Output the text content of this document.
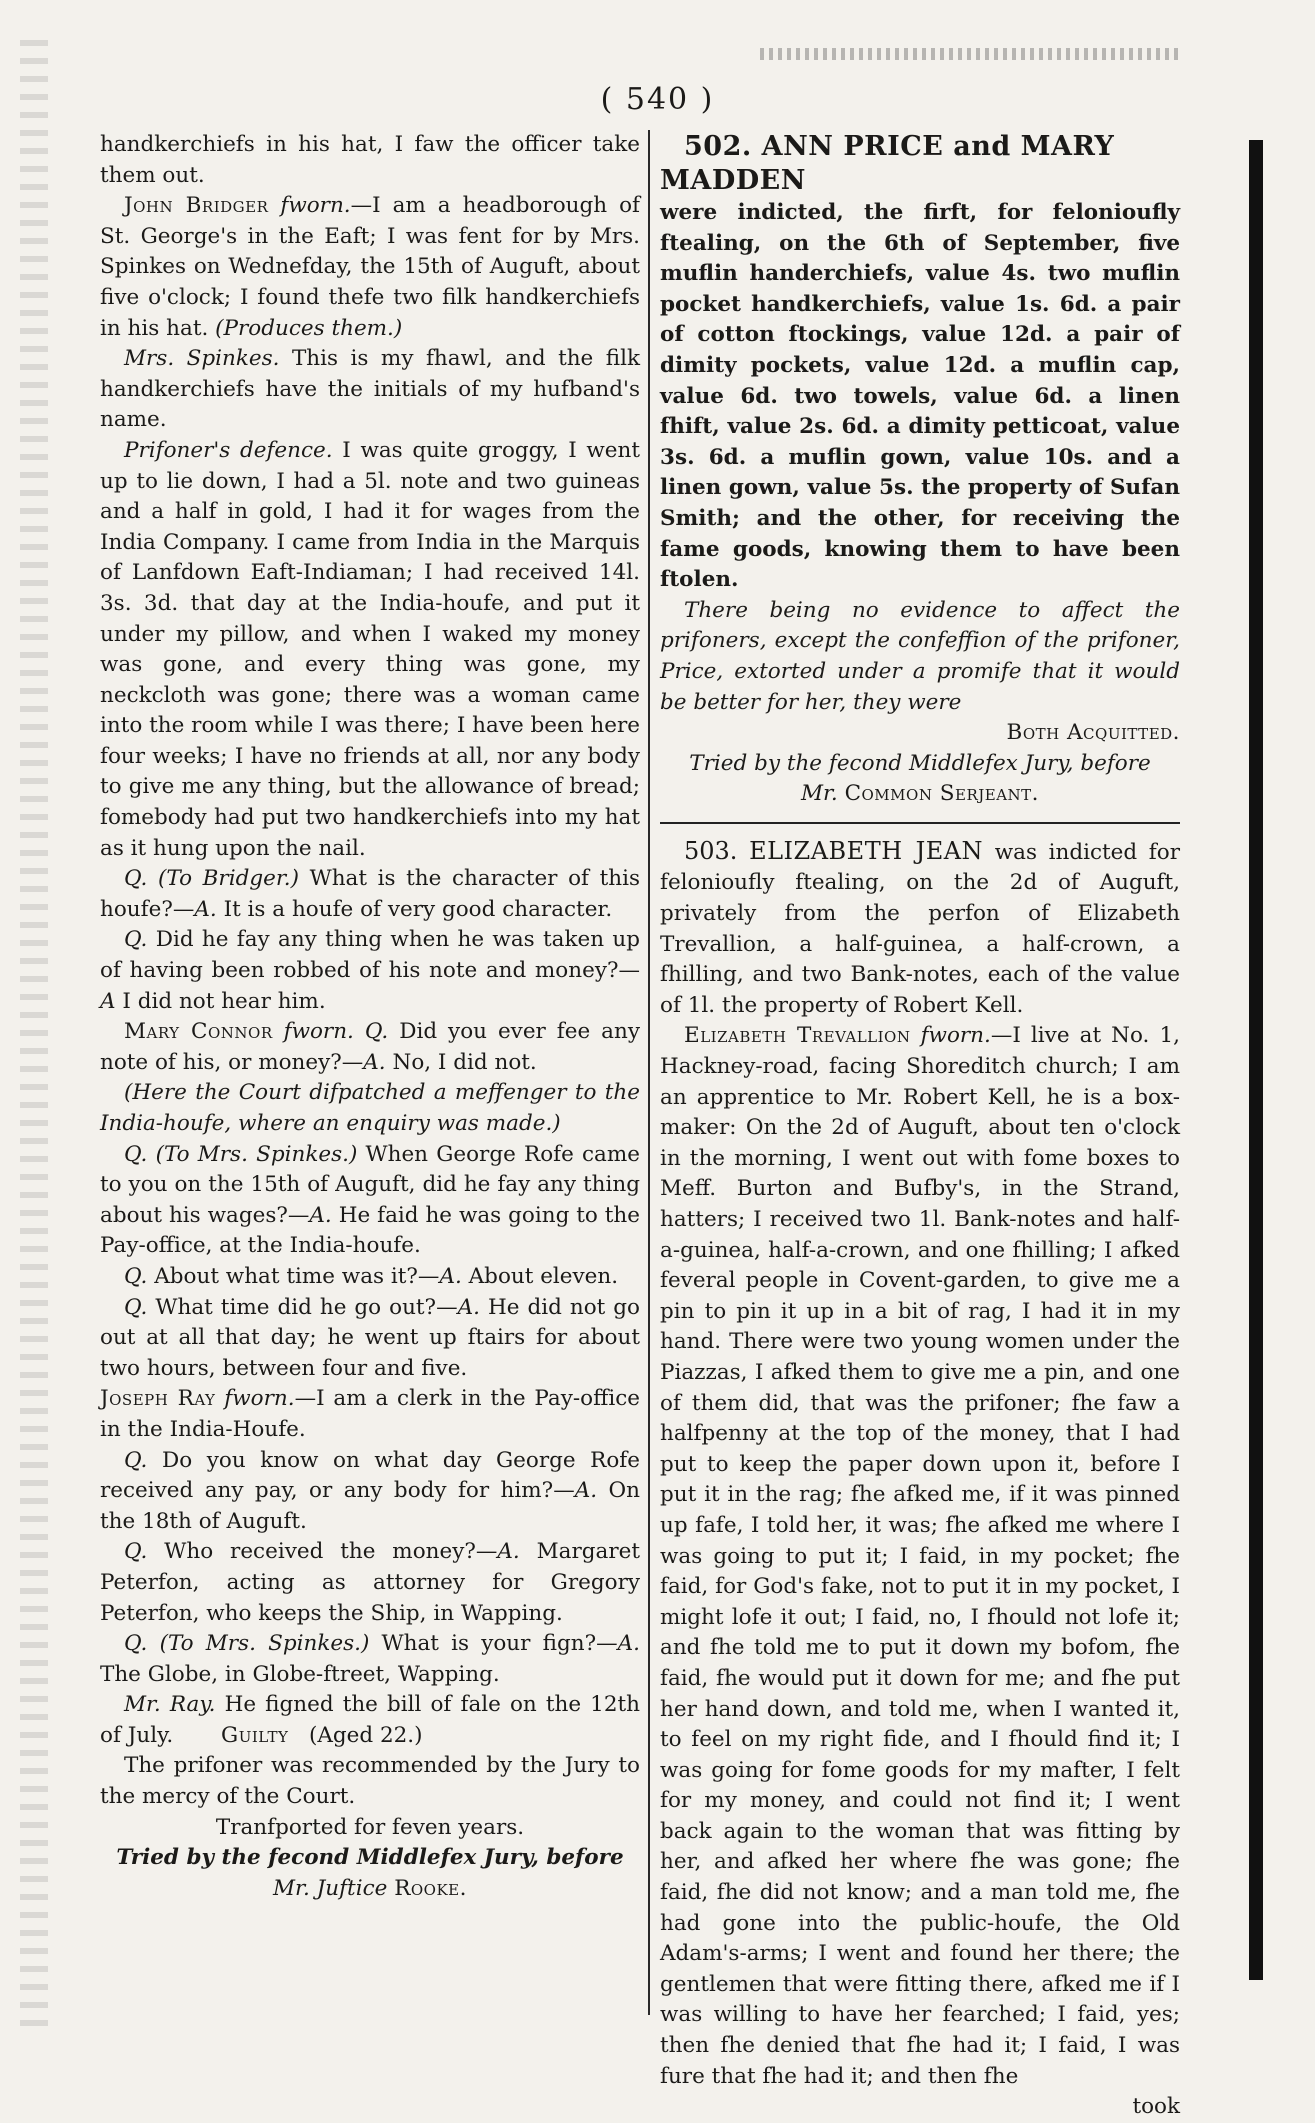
( 540 )

handkerchiefs in his hat, I faw the officer take them out.

John Bridger fworn.—I am a headborough of St. George's in the Eaft; I was fent for by Mrs. Spinkes on Wednefday, the 15th of Auguft, about five o'clock; I found thefe two filk handkerchiefs in his hat. (Produces them.)

Mrs. Spinkes. This is my fhawl, and the filk handkerchiefs have the initials of my hufband's name.

Prifoner's defence. I was quite groggy, I went up to lie down, I had a 5l. note and two guineas and a half in gold, I had it for wages from the India Company. I came from India in the Marquis of Lanfdown Eaft-Indiaman; I had received 14l. 3s. 3d. that day at the India-houfe, and put it under my pillow, and when I waked my money was gone, and every thing was gone, my neckcloth was gone; there was a woman came into the room while I was there; I have been here four weeks; I have no friends at all, nor any body to give me any thing, but the allowance of bread; fomebody had put two handkerchiefs into my hat as it hung upon the nail.

Q. (To Bridger.) What is the character of this houfe?—A. It is a houfe of very good character.

Q. Did he fay any thing when he was taken up of having been robbed of his note and money?—A I did not hear him.

Mary Connor fworn. Q. Did you ever fee any note of his, or money?—A. No, I did not.

(Here the Court difpatched a meffenger to the India-houfe, where an enquiry was made.)

Q. (To Mrs. Spinkes.) When George Rofe came to you on the 15th of Auguft, did he fay any thing about his wages?—A. He faid he was going to the Pay-office, at the India-houfe.

Q. About what time was it?—A. About eleven.

Q. What time did he go out?—A. He did not go out at all that day; he went up ftairs for about two hours, between four and five.

Joseph Ray fworn.—I am a clerk in the Pay-office in the India-Houfe.

Q. Do you know on what day George Rofe received any pay, or any body for him?—A. On the 18th of Auguft.

Q. Who received the money?—A. Margaret Peterfon, acting as attorney for Gregory Peterfon, who keeps the Ship, in Wapping.

Q. (To Mrs. Spinkes.) What is your fign?—A. The Globe, in Globe-ftreet, Wapping.

Mr. Ray. He figned the bill of fale on the 12th of July. Guilty (Aged 22.)

The prifoner was recommended by the Jury to the mercy of the Court.

Tranfported for feven years.

Tried by the fecond Middlefex Jury, before

Mr. Juftice Rooke.

502. ANN PRICE and MARY MADDEN

were indicted, the firft, for felonioufly ftealing, on the 6th of September, five muflin handerchiefs, value 4s. two muflin pocket handkerchiefs, value 1s. 6d. a pair of cotton ftockings, value 12d. a pair of dimity pockets, value 12d. a muflin cap, value 6d. two towels, value 6d. a linen fhift, value 2s. 6d. a dimity petticoat, value 3s. 6d. a muflin gown, value 10s. and a linen gown, value 5s. the property of Sufan Smith; and the other, for receiving the fame goods, knowing them to have been ftolen.

There being no evidence to affect the prifoners, except the confeffion of the prifoner, Price, extorted under a promife that it would be better for her, they were

Both Acquitted.

Tried by the fecond Middlefex Jury, before

Mr. Common Serjeant.

503. ELIZABETH JEAN was indicted for felonioufly ftealing, on the 2d of Auguft, privately from the perfon of Elizabeth Trevallion, a half-guinea, a half-crown, a fhilling, and two Bank-notes, each of the value of 1l. the property of Robert Kell.

Elizabeth Trevallion fworn.—I live at No. 1, Hackney-road, facing Shoreditch church; I am an apprentice to Mr. Robert Kell, he is a box-maker: On the 2d of Auguft, about ten o'clock in the morning, I went out with fome boxes to Meff. Burton and Bufby's, in the Strand, hatters; I received two 1l. Bank-notes and half-a-guinea, half-a-crown, and one fhilling; I afked feveral people in Covent-garden, to give me a pin to pin it up in a bit of rag, I had it in my hand. There were two young women under the Piazzas, I afked them to give me a pin, and one of them did, that was the prifoner; fhe faw a halfpenny at the top of the money, that I had put to keep the paper down upon it, before I put it in the rag; fhe afked me, if it was pinned up fafe, I told her, it was; fhe afked me where I was going to put it; I faid, in my pocket; fhe faid, for God's fake, not to put it in my pocket, I might lofe it out; I faid, no, I fhould not lofe it; and fhe told me to put it down my bofom, fhe faid, fhe would put it down for me; and fhe put her hand down, and told me, when I wanted it, to feel on my right fide, and I fhould find it; I was going for fome goods for my mafter, I felt for my money, and could not find it; I went back again to the woman that was fitting by her, and afked her where fhe was gone; fhe faid, fhe did not know; and a man told me, fhe had gone into the public-houfe, the Old Adam's-arms; I went and found her there; the gentlemen that were fitting there, afked me if I was willing to have her fearched; I faid, yes; then fhe denied that fhe had it; I faid, I was fure that fhe had it; and then fhe

took
